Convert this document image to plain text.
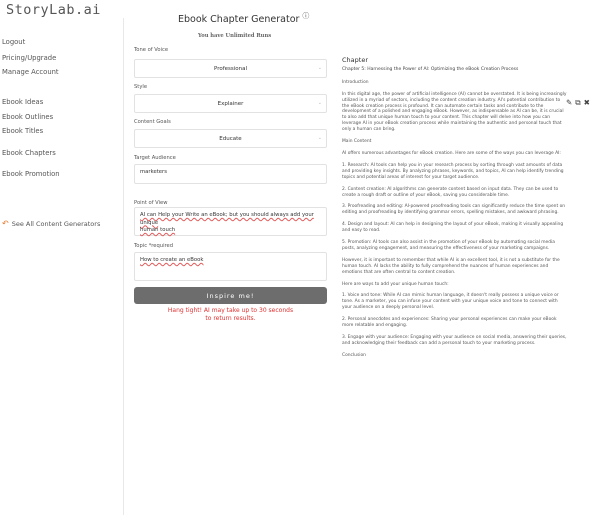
StoryLab.ai
Logout
Pricing/Upgrade
Manage Account
Ebook Ideas
Ebook Outlines
Ebook Titles
Ebook Chapters
Ebook Promotion
↶ See All Content Generators
Ebook Chapter Generator ⓘ
You have Unlimited Runs
Tone of Voice
Professional	⌄
Style
Explainer	⌄
Content Goals
Educate	⌄
Target Audience
marketers
Point of View
AI can Help your Write an eBook; but you should always add your unique
human touch
Topic *required
How to create an eBook
Inspire me!
Hang tight! AI may take up to 30 seconds
to return results.
Chapter
Chapter 5: Harnessing the Power of AI: Optimizing the eBook Creation Process
Introduction
In this digital age, the power of artificial intelligence (AI) cannot be overstated. It is being increasingly utilized in a myriad of sectors, including the content creation industry. AI's potential contribution to the eBook creation process is profound. It can automate certain tasks and contribute to the development of a polished and engaging eBook. However, as indispensable as AI can be, it is crucial to also add that unique human touch to your content. This chapter will delve into how you can leverage AI in your eBook creation process while maintaining the authentic and personal touch that only a human can bring.
Main Content
AI offers numerous advantages for eBook creation. Here are some of the ways you can leverage AI:
1. Research: AI tools can help you in your research process by sorting through vast amounts of data and providing key insights. By analyzing phrases, keywords, and topics, AI can help identify trending topics and potential areas of interest for your target audience.
2. Content creation: AI algorithms can generate content based on input data. They can be used to create a rough draft or outline of your eBook, saving you considerable time.
3. Proofreading and editing: AI-powered proofreading tools can significantly reduce the time spent on editing and proofreading by identifying grammar errors, spelling mistakes, and awkward phrasing.
4. Design and layout: AI can help in designing the layout of your eBook, making it visually appealing and easy to read.
5. Promotion: AI tools can also assist in the promotion of your eBook by automating social media posts, analyzing engagement, and measuring the effectiveness of your marketing campaigns.
However, it is important to remember that while AI is an excellent tool, it is not a substitute for the human touch. AI lacks the ability to fully comprehend the nuances of human experiences and emotions that are often central to content creation.
Here are ways to add your unique human touch:
1. Voice and tone: While AI can mimic human language, it doesn't really possess a unique voice or tone. As a marketer, you can infuse your content with your unique voice and tone to connect with your audience on a deeply personal level.
2. Personal anecdotes and experiences: Sharing your personal experiences can make your eBook more relatable and engaging.
3. Engage with your audience: Engaging with your audience on social media, answering their queries, and acknowledging their feedback can add a personal touch to your marketing process.
Conclusion
✎ ⧉ ✖
